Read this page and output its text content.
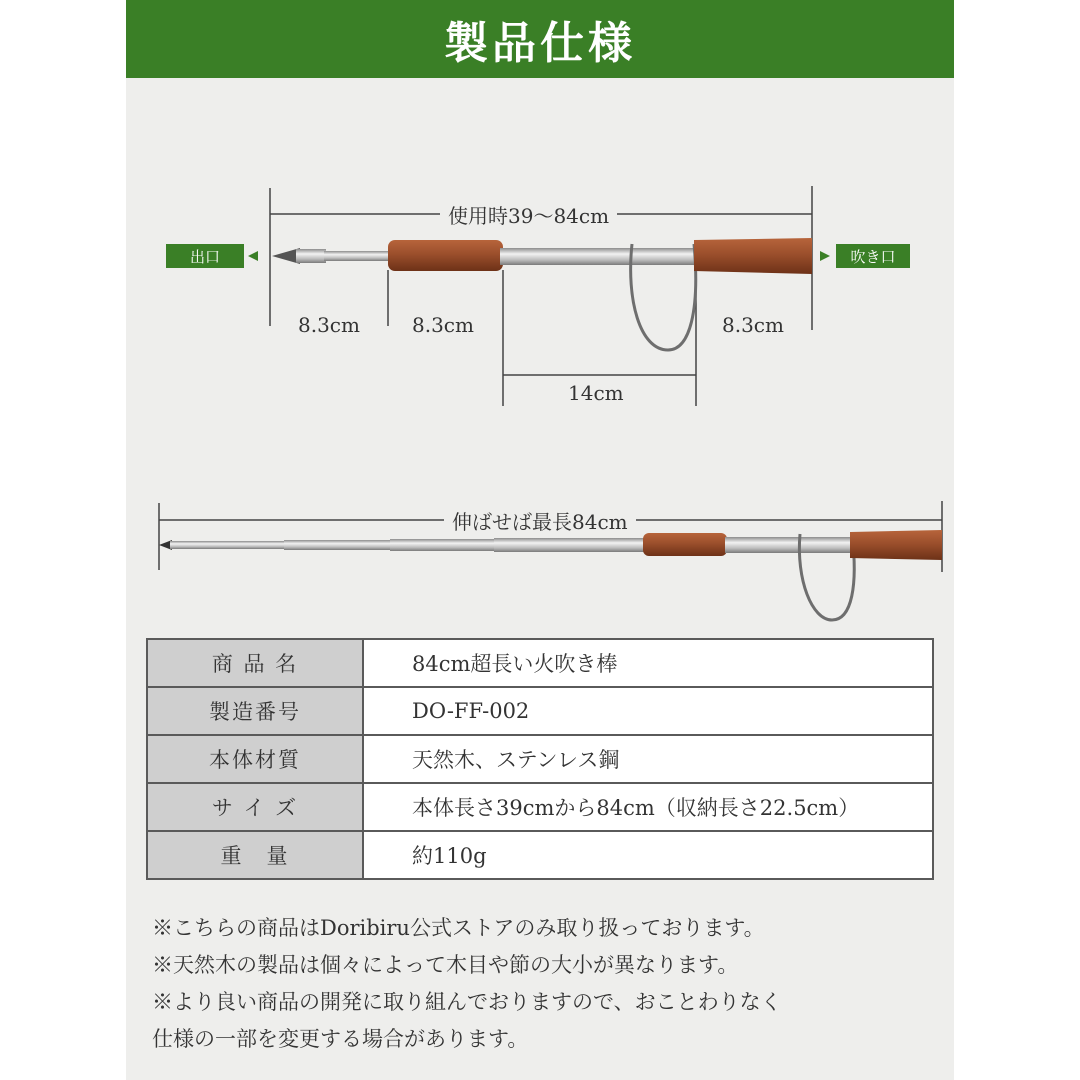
製品仕様
使用時39～84cm
出口	吹き口
8.3cm	8.3cm	8.3cm
14cm
伸ばせば最長84cm
商 品 名	84cm超長い火吹き棒
製造番号	DO-FF-002
本体材質	天然木、ステンレス鋼
サ イ ズ	本体長さ39cmから84cm（収納長さ22.5cm）
重　量	約110g
※こちらの商品はDoribiru公式ストアのみ取り扱っております。
※天然木の製品は個々によって木目や節の大小が異なります。
※より良い商品の開発に取り組んでおりますので、おことわりなく
仕様の一部を変更する場合があります。
